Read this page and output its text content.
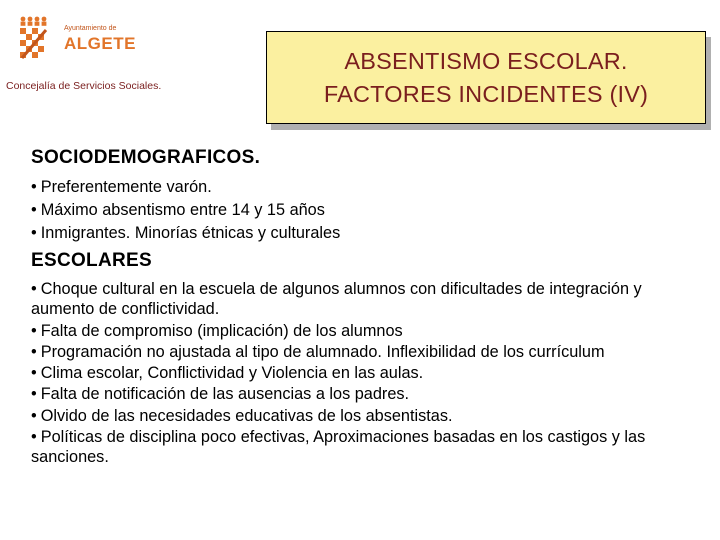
Ayuntamiento de
ALGETE
Concejalía de Servicios Sociales.
ABSENTISMO ESCOLAR.
FACTORES INCIDENTES (IV)
SOCIODEMOGRAFICOS.
• Preferentemente varón.
• Máximo absentismo entre 14 y 15 años
• Inmigrantes. Minorías étnicas y culturales
ESCOLARES
• Choque cultural en la escuela de algunos alumnos con dificultades de integración y aumento de conflictividad.
• Falta de compromiso (implicación) de los alumnos
• Programación no ajustada al tipo de alumnado. Inflexibilidad de los currículum
• Clima escolar, Conflictividad y Violencia en las aulas.
• Falta de notificación de las ausencias a los padres.
• Olvido de las necesidades educativas de los absentistas.
• Políticas de disciplina poco efectivas, Aproximaciones basadas en los castigos y las sanciones.
